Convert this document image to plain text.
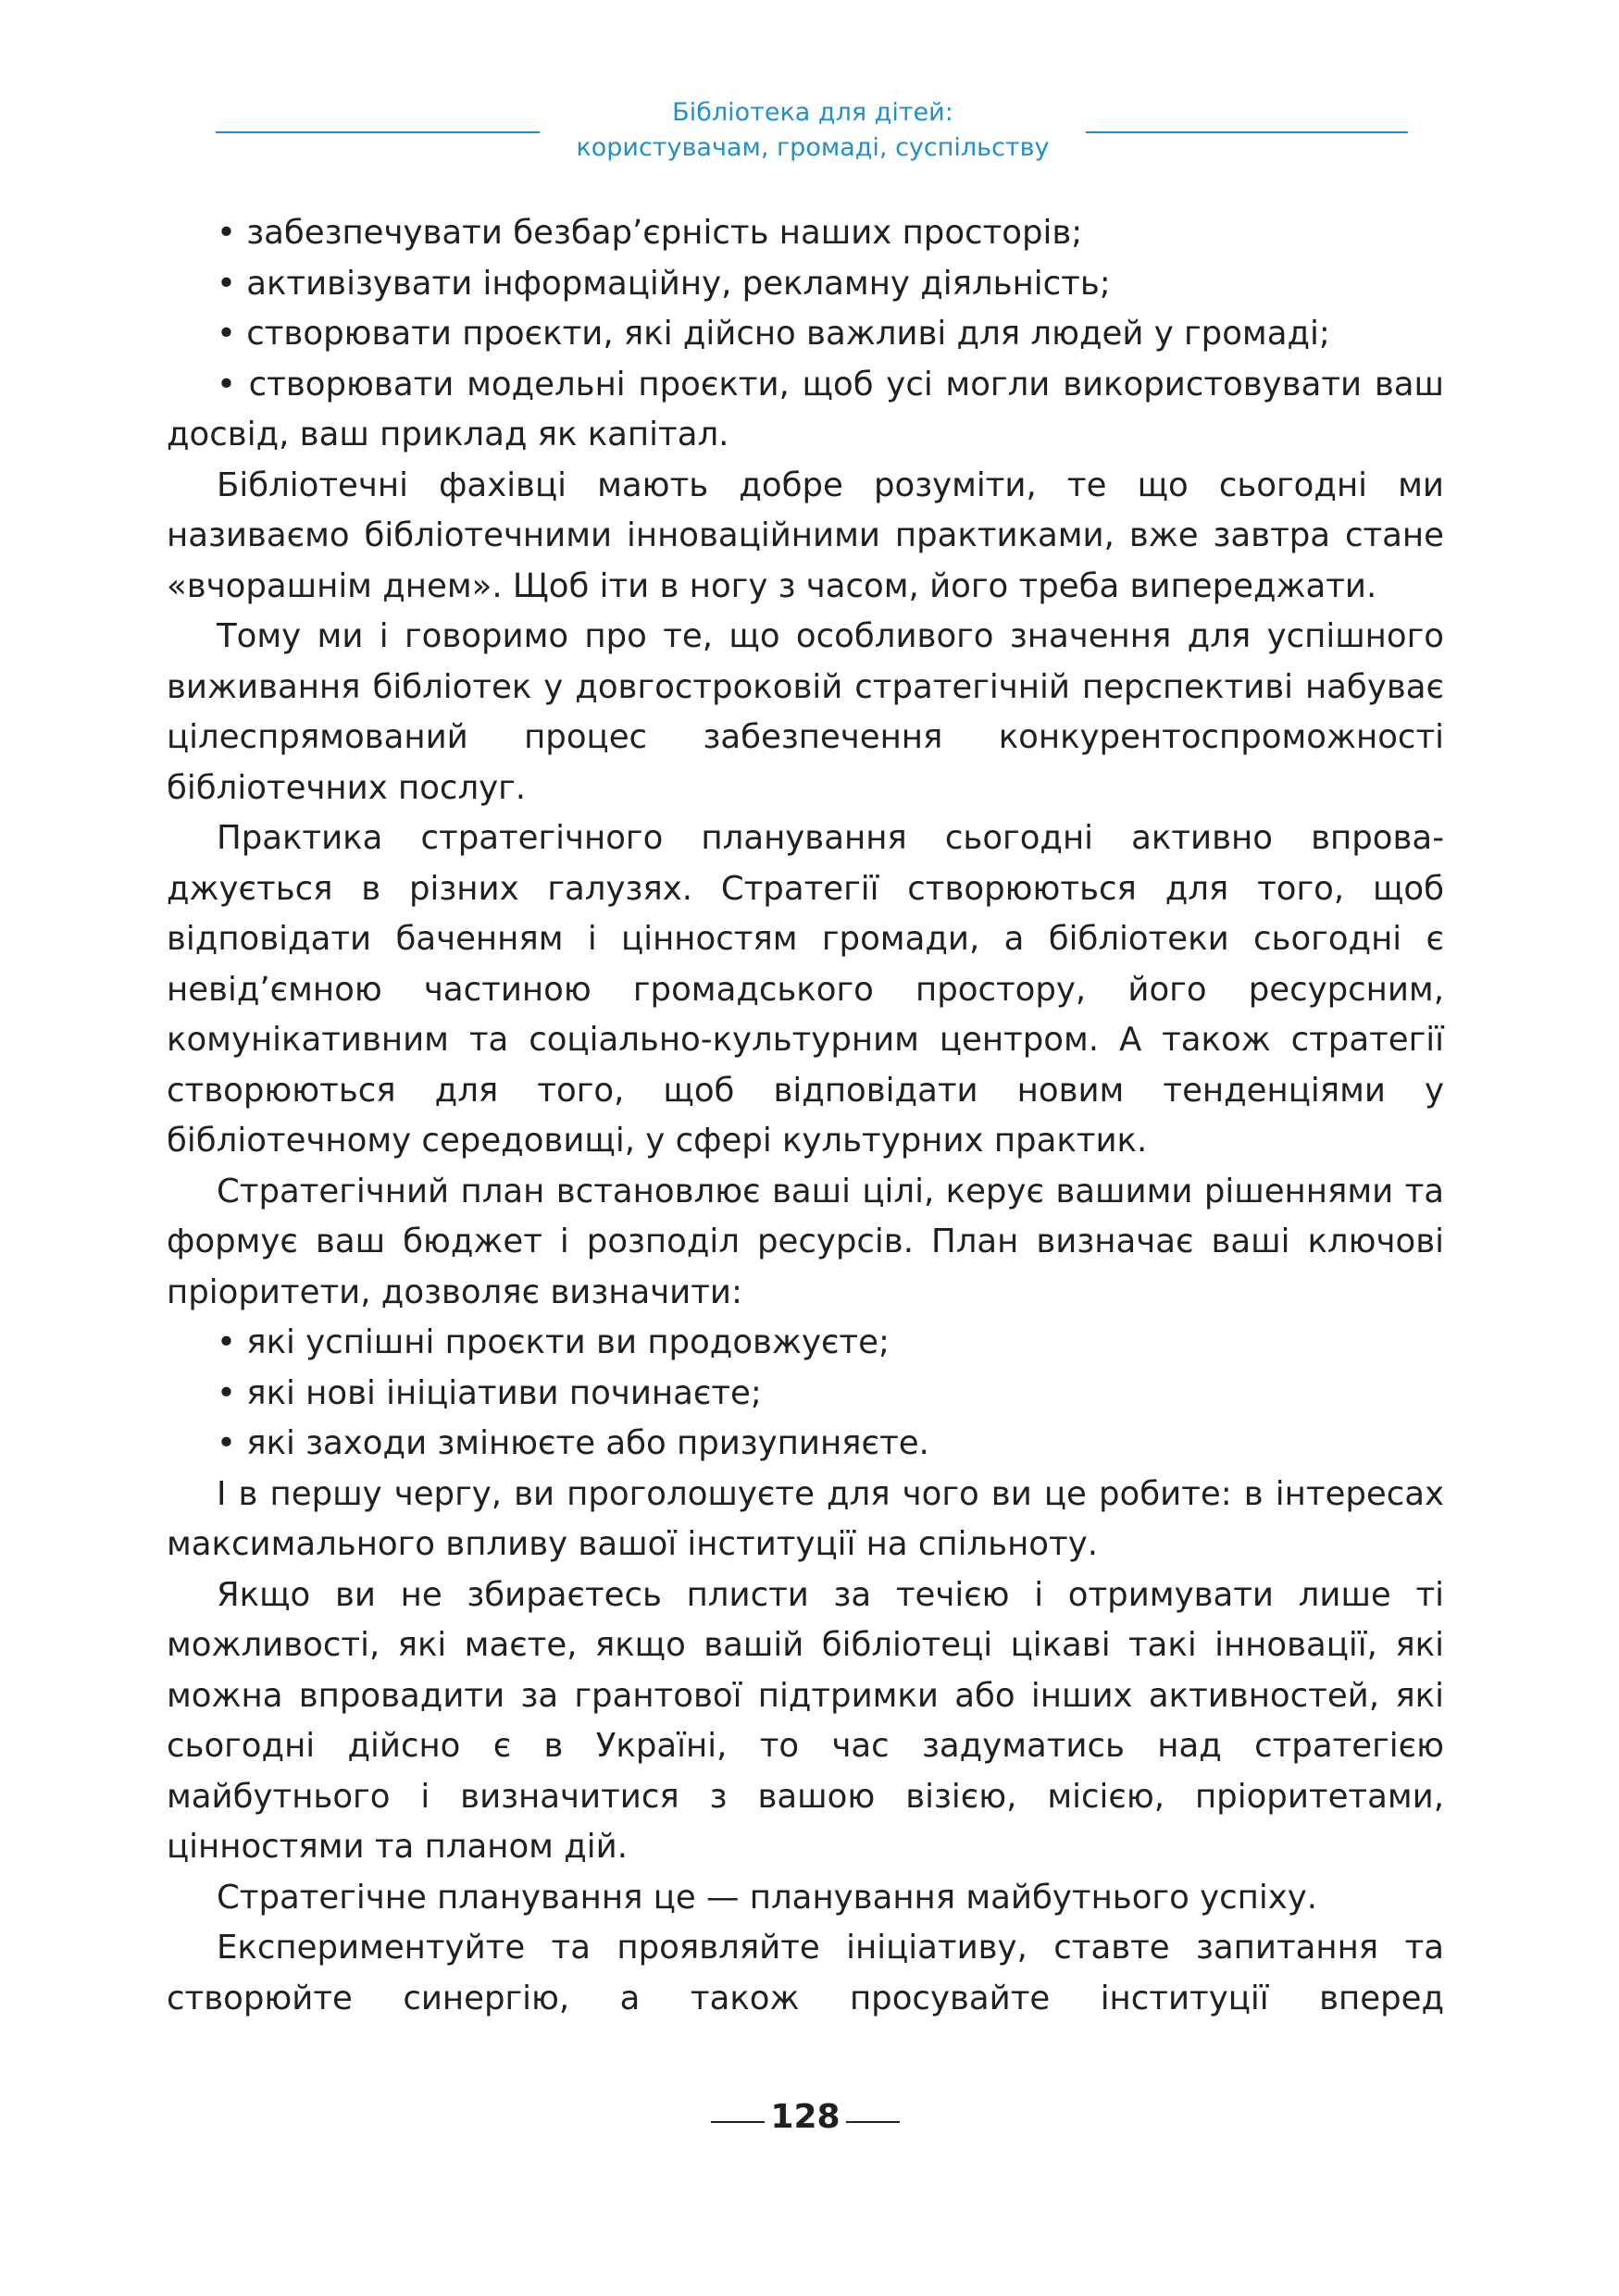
Бібліотека для дітей:
користувачам, громаді, суспільству

• забезпечувати безбар’єрність наших просторів;

• активізувати інформаційну, рекламну діяльність;

• створювати проєкти, які дійсно важливі для людей у громаді;

• створювати модельні проєкти, щоб усі могли використовувати ваш досвід, ваш приклад як капітал.

Бібліотечні фахівці мають добре розуміти, те що сьогодні ми називаємо бібліотечними інноваційними практиками, вже завтра стане «вчорашнім днем». Щоб іти в ногу з часом, його треба випереджати.

Тому ми і говоримо про те, що особливого значення для успішного виживання бібліотек у довгостроковій стратегічній перспективі набуває цілеспрямований процес забезпечення конкурентоспроможності бібліотечних послуг.

Практика стратегічного планування сьогодні активно впроваджується в різних галузях. Стратегії створюються для того, щоб відповідати баченням і цінностям громади, а бібліотеки сьогодні є невід’ємною частиною громадського простору, його ресурсним, комунікативним та соціально-культурним центром. А також стратегії створюються для того, щоб відповідати новим тенденціями у бібліотечному середовищі, у сфері культурних практик.

Стратегічний план встановлює ваші цілі, керує вашими рішеннями та формує ваш бюджет і розподіл ресурсів. План визначає ваші ключові пріоритети, дозволяє визначити:

• які успішні проєкти ви продовжуєте;

• які нові ініціативи починаєте;

• які заходи змінюєте або призупиняєте.

І в першу чергу, ви проголошуєте для чого ви це робите: в інтересах максимального впливу вашої інституції на спільноту.

Якщо ви не збираєтесь плисти за течією і отримувати лише ті можливості, які маєте, якщо вашій бібліотеці цікаві такі інновації, які можна впровадити за грантової підтримки або інших активностей, які сьогодні дійсно є в Україні, то час задуматись над стратегією майбутнього і визначитися з вашою візією, місією, пріоритетами, цінностями та планом дій.

Стратегічне планування це — планування майбутнього успіху.

Експериментуйте та проявляйте ініціативу, ставте запитання та створюйте синергію, а також просувайте інституції вперед

128
